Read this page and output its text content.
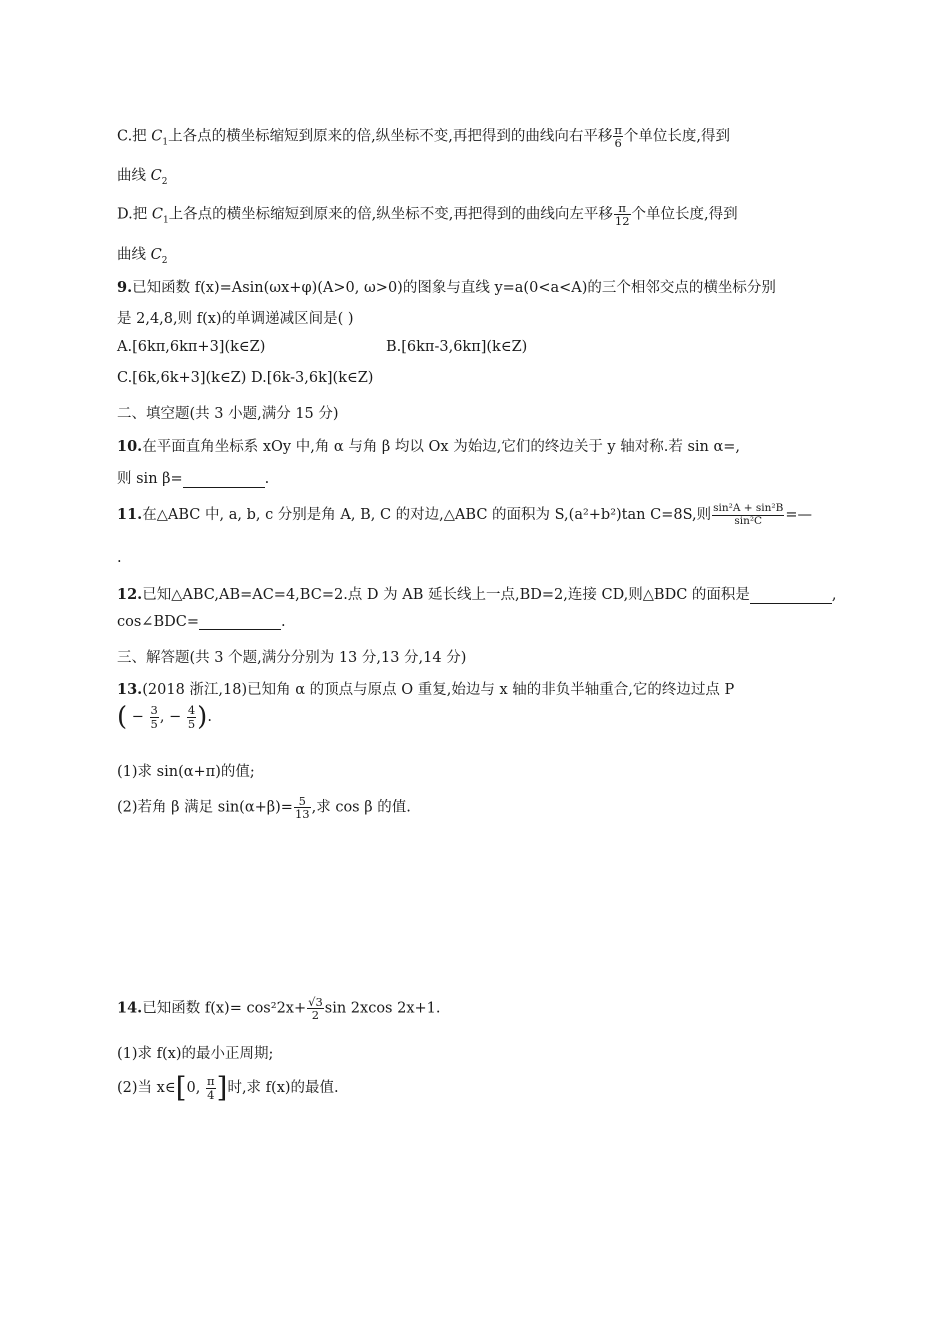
C.把 $C_1$上各点的横坐标缩短到原来的倍,纵坐标不变,再把得到的曲线向右平移 $\frac{\pi}{6}$ 个单位长度,得到
曲线 $C_2$
D.把 $C_1$上各点的横坐标缩短到原来的倍,纵坐标不变,再把得到的曲线向左平移 $\frac{\pi}{12}$ 个单位长度,得到
曲线 $C_2$
9.已知函数 f(x)=Asin(ωx+φ)(A>0, ω>0)的图象与直线 y=a(0<a<A)的三个相邻交点的横坐标分别
是 2,4,8,则 f(x)的单调递减区间是( )
A.[6kπ,6kπ+3](k∈Z)	B.[6kπ-3,6kπ](k∈Z)
C.[6k,6k+3](k∈Z) D.[6k-3,6k](k∈Z)
二、填空题(共 3 小题,满分 15 分)
10.在平面直角坐标系 xOy 中,角 α 与角 β 均以 Ox 为始边,它们的终边关于 y 轴对称.若 sin α=,
则 sin β=	.
11.在△ABC 中, a, b, c 分别是角 A, B, C 的对边,△ABC 的面积为 S,(a²+b²)tan C=8S,则 $\frac{\text{sin²A + sin²B}}{\text{sin²C}}$ =—
.
12.已知△ABC,AB=AC=4,BC=2.点 D 为 AB 延长线上一点,BD=2,连接 CD,则△BDC 的面积是	,
cos∠BDC=	.
三、解答题(共 3 个题,满分分别为 13 分,13 分,14 分)
13.(2018 浙江,18)已知角 α 的顶点与原点 O 重复,始边与 x 轴的非负半轴重合,它的终边过点 P
( − $\frac{3}{5}$ , − $\frac{4}{5}$ ).
(1)求 sin(α+π)的值;
(2)若角 β 满足 $\sin(\alpha+\beta)= \frac{5}{13}$ ,求 cos β 的值.
14.已知函数 $f(x)= \cos^22x+ \frac{√3}{2}$ sin 2xcos 2x+1.
(1)求 f(x)的最小正周期;
(2)当 x∈[0, $\frac{\pi}{4}$ ]时,求 f(x)的最值.
